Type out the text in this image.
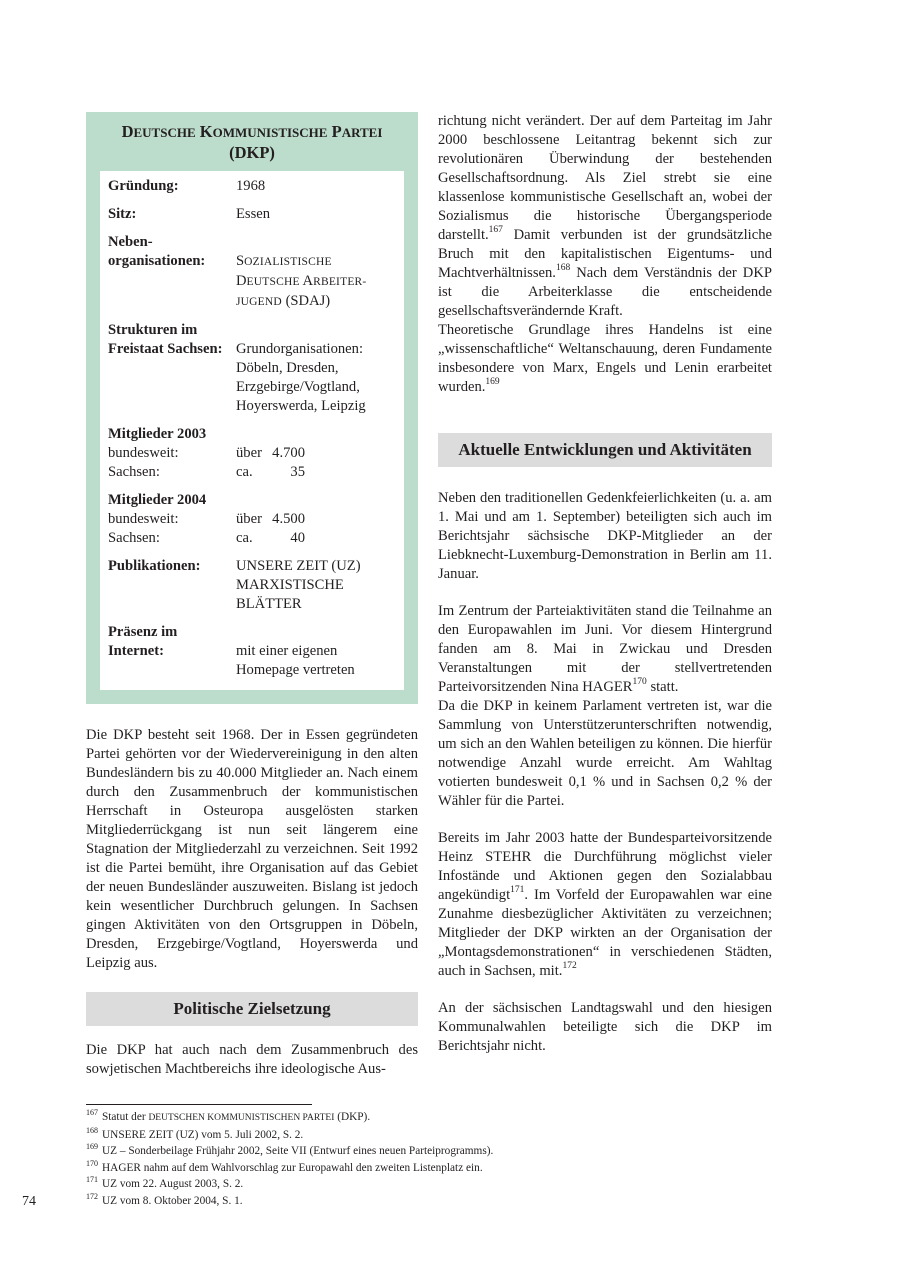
DEUTSCHE KOMMUNISTISCHE PARTEI
(DKP)
Gründung:	1968
Sitz:	Essen
Neben-
organisationen:	SOZIALISTISCHE
DEUTSCHE ARBEITER-
JUGEND (SDAJ)
Strukturen im
Freistaat Sachsen: Grundorganisationen:
Döbeln, Dresden,
Erzgebirge/Vogtland,
Hoyerswerda, Leipzig
Mitglieder 2003
bundesweit:	über 4.700
Sachsen:	ca.	35
Mitglieder 2004
bundesweit:	über 4.500
Sachsen:	ca.	40
Publikationen:	UNSERE ZEIT (UZ)
MARXISTISCHE
BLÄTTER
Präsenz im
Internet:	mit einer eigenen
Homepage vertreten

Die DKP besteht seit 1968. Der in Essen gegründeten Partei gehörten vor der Wiedervereinigung in den alten Bundesländern bis zu 40.000 Mitglieder an. Nach einem durch den Zusammenbruch der kommunistischen Herrschaft in Osteuropa ausgelösten starken Mitgliederrückgang ist nun seit längerem eine Stagnation der Mitgliederzahl zu verzeichnen. Seit 1992 ist die Partei bemüht, ihre Organisation auf das Gebiet der neuen Bundesländer auszuweiten. Bislang ist jedoch kein wesentlicher Durchbruch gelungen. In Sachsen gingen Aktivitäten von den Ortsgruppen in Döbeln, Dresden, Erzgebirge/Vogtland, Hoyerswerda und Leipzig aus.

Politische Zielsetzung

Die DKP hat auch nach dem Zusammenbruch des sowjetischen Machtbereichs ihre ideologische Aus-

richtung nicht verändert. Der auf dem Parteitag im Jahr 2000 beschlossene Leitantrag bekennt sich zur revolutionären Überwindung der bestehenden Gesellschaftsordnung. Als Ziel strebt sie eine klassenlose kommunistische Gesellschaft an, wobei der Sozialismus die historische Übergangsperiode darstellt.$^{167}$ Damit verbunden ist der grundsätzliche Bruch mit den kapitalistischen Eigentums- und Machtverhältnissen.$^{168}$ Nach dem Verständnis der DKP ist die Arbeiterklasse die entscheidende gesellschaftsverändernde Kraft.

Theoretische Grundlage ihres Handelns ist eine „wissenschaftliche“ Weltanschauung, deren Fundamente insbesondere von Marx, Engels und Lenin erarbeitet wurden.$^{169}$

Aktuelle Entwicklungen und Aktivitäten

Neben den traditionellen Gedenkfeierlichkeiten (u. a. am 1. Mai und am 1. September) beteiligten sich auch im Berichtsjahr sächsische DKP-Mitglieder an der Liebknecht-Luxemburg-Demonstration in Berlin am 11. Januar.

Im Zentrum der Parteiaktivitäten stand die Teilnahme an den Europawahlen im Juni. Vor diesem Hintergrund fanden am 8. Mai in Zwickau und Dresden Veranstaltungen mit der stellvertretenden Parteivorsitzenden Nina HAGER$^{170}$ statt.

Da die DKP in keinem Parlament vertreten ist, war die Sammlung von Unterstützerunterschriften notwendig, um sich an den Wahlen beteiligen zu können. Die hierfür notwendige Anzahl wurde erreicht. Am Wahltag votierten bundesweit 0,1 % und in Sachsen 0,2 % der Wähler für die Partei.

Bereits im Jahr 2003 hatte der Bundesparteivorsitzende Heinz STEHR die Durchführung möglichst vieler Infostände und Aktionen gegen den Sozialabbau angekündigt$^{171}$. Im Vorfeld der Europawahlen war eine Zunahme diesbezüglicher Aktivitäten zu verzeichnen; Mitglieder der DKP wirkten an der Organisation der „Montagsdemonstrationen“ in verschiedenen Städten, auch in Sachsen, mit.$^{172}$

An der sächsischen Landtagswahl und den hiesigen Kommunalwahlen beteiligte sich die DKP im Berichtsjahr nicht.

$^{167}$ Statut der DEUTSCHEN KOMMUNISTISCHEN PARTEI (DKP).
$^{168}$ UNSERE ZEIT (UZ) vom 5. Juli 2002, S. 2.
$^{169}$ UZ – Sonderbeilage Frühjahr 2002, Seite VII (Entwurf eines neuen Parteiprogramms).
$^{170}$ HAGER nahm auf dem Wahlvorschlag zur Europawahl den zweiten Listenplatz ein.
$^{171}$ UZ vom 22. August 2003, S. 2.
$^{172}$ UZ vom 8. Oktober 2004, S. 1.
74
